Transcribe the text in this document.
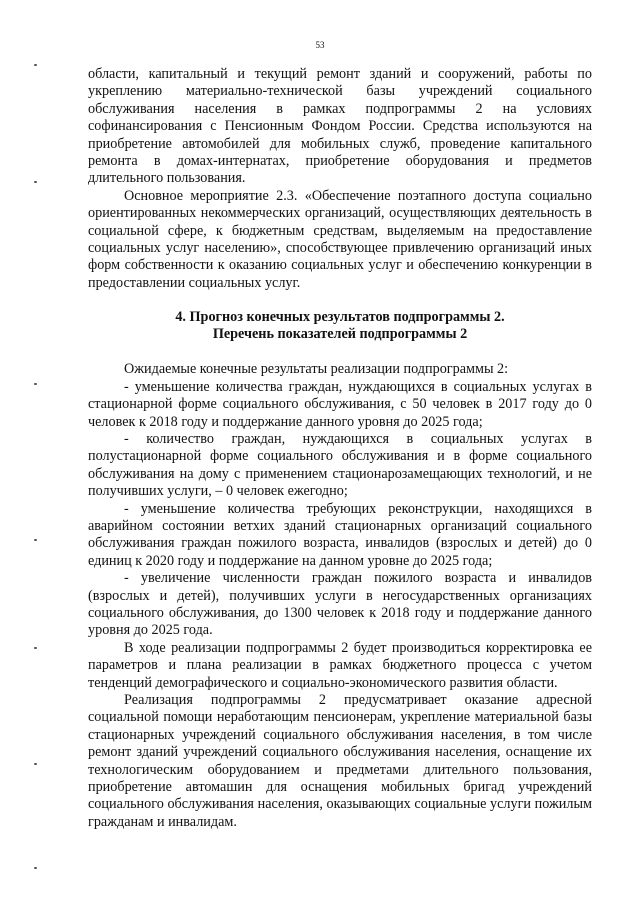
53

области, капитальный и текущий ремонт зданий и сооружений, работы по укреплению материально-технической базы учреждений социального обслуживания населения в рамках подпрограммы 2 на условиях софинансирования с Пенсионным Фондом России. Средства используются на приобретение автомобилей для мобильных служб, проведение капитального ремонта в домах-интернатах, приобретение оборудования и предметов длительного пользования.

Основное мероприятие 2.3. «Обеспечение поэтапного доступа социально ориентированных некоммерческих организаций, осуществляющих деятельность в социальной сфере, к бюджетным средствам, выделяемым на предоставление социальных услуг населению», способствующее привлечению организаций иных форм собственности к оказанию социальных услуг и обеспечению конкуренции в предоставлении социальных услуг.

4. Прогноз конечных результатов подпрограммы 2.
Перечень показателей подпрограммы 2

Ожидаемые конечные результаты реализации подпрограммы 2:

- уменьшение количества граждан, нуждающихся в социальных услугах в стационарной форме социального обслуживания, с 50 человек в 2017 году до 0 человек к 2018 году и поддержание данного уровня до 2025 года;

- количество граждан, нуждающихся в социальных услугах в полустационарной форме социального обслуживания и в форме социального обслуживания на дому с применением стационарозамещающих технологий, и не получивших услуги, – 0 человек ежегодно;

- уменьшение количества требующих реконструкции, находящихся в аварийном состоянии ветхих зданий стационарных организаций социального обслуживания граждан пожилого возраста, инвалидов (взрослых и детей) до 0 единиц к 2020 году и поддержание на данном уровне до 2025 года;

- увеличение численности граждан пожилого возраста и инвалидов (взрослых и детей), получивших услуги в негосударственных организациях социального обслуживания, до 1300 человек к 2018 году и поддержание данного уровня до 2025 года.

В ходе реализации подпрограммы 2 будет производиться корректировка ее параметров и плана реализации в рамках бюджетного процесса с учетом тенденций демографического и социально-экономического развития области.

Реализация подпрограммы 2 предусматривает оказание адресной социальной помощи неработающим пенсионерам, укрепление материальной базы стационарных учреждений социального обслуживания населения, в том числе ремонт зданий учреждений социального обслуживания населения, оснащение их технологическим оборудованием и предметами длительного пользования, приобретение автомашин для оснащения мобильных бригад учреждений социального обслуживания населения, оказывающих социальные услуги пожилым гражданам и инвалидам.
